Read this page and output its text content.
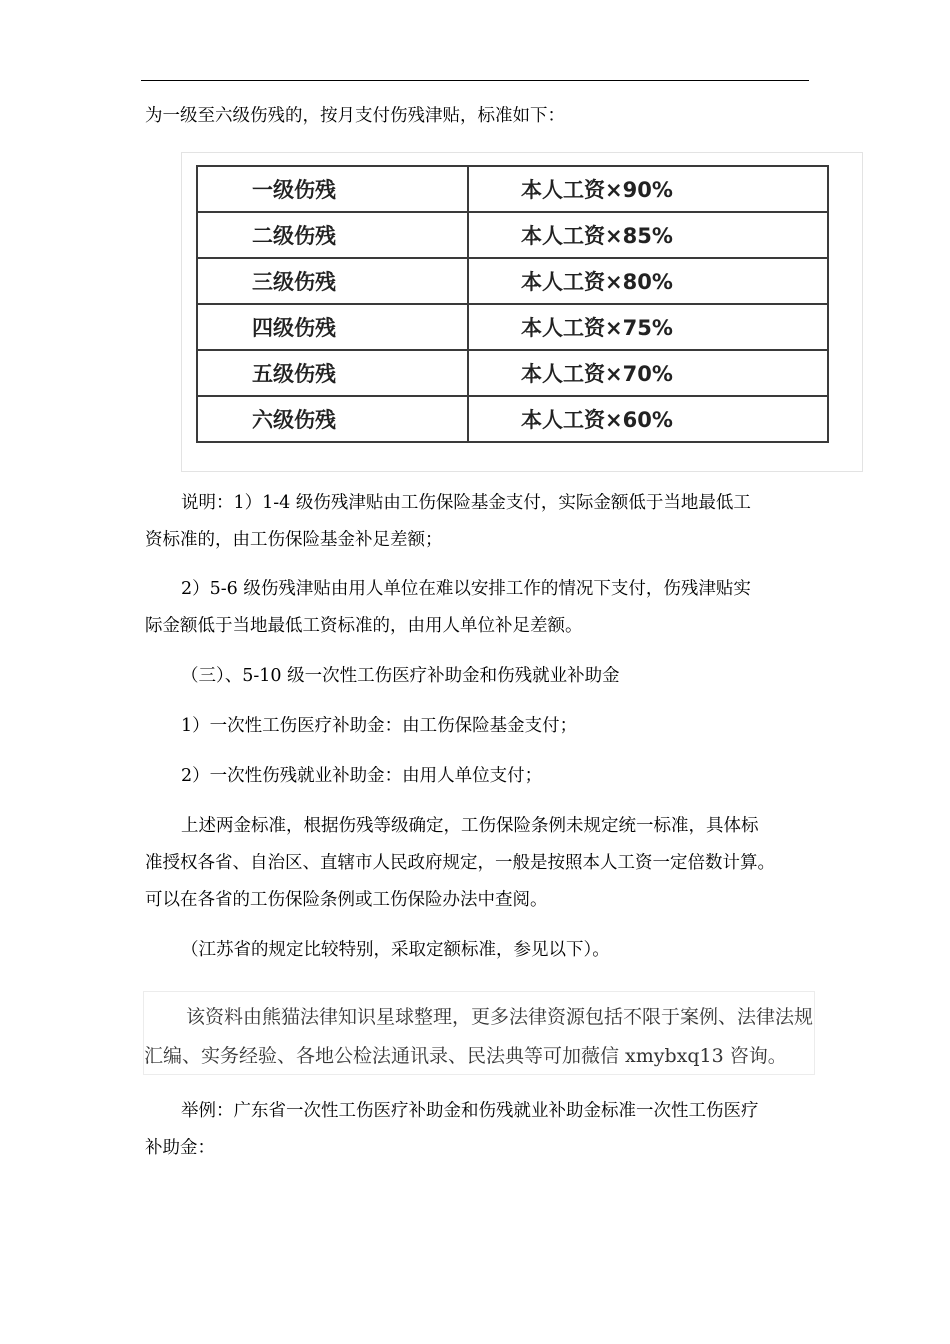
为一级至六级伤残的，按月支付伤残津贴，标准如下：

一级伤残	本人工资×90%
二级伤残	本人工资×85%
三级伤残	本人工资×80%
四级伤残	本人工资×75%
五级伤残	本人工资×70%
六级伤残	本人工资×60%

说明：1）1-4 级伤残津贴由工伤保险基金支付，实际金额低于当地最低工

资标准的，由工伤保险基金补足差额；

2）5-6 级伤残津贴由用人单位在难以安排工作的情况下支付，伤残津贴实

际金额低于当地最低工资标准的，由用人单位补足差额。

（三）、5-10 级一次性工伤医疗补助金和伤残就业补助金

1）一次性工伤医疗补助金：由工伤保险基金支付；

2）一次性伤残就业补助金：由用人单位支付；

上述两金标准，根据伤残等级确定，工伤保险条例未规定统一标准，具体标

准授权各省、自治区、直辖市人民政府规定，一般是按照本人工资一定倍数计算。

可以在各省的工伤保险条例或工伤保险办法中查阅。

（江苏省的规定比较特别，采取定额标准，参见以下）。

该资料由熊猫法律知识星球整理，更多法律资源包括不限于案例、法律法规
汇编、实务经验、各地公检法通讯录、民法典等可加薇信 xmybxq13 咨询。

举例：广东省一次性工伤医疗补助金和伤残就业补助金标准一次性工伤医疗

补助金：
